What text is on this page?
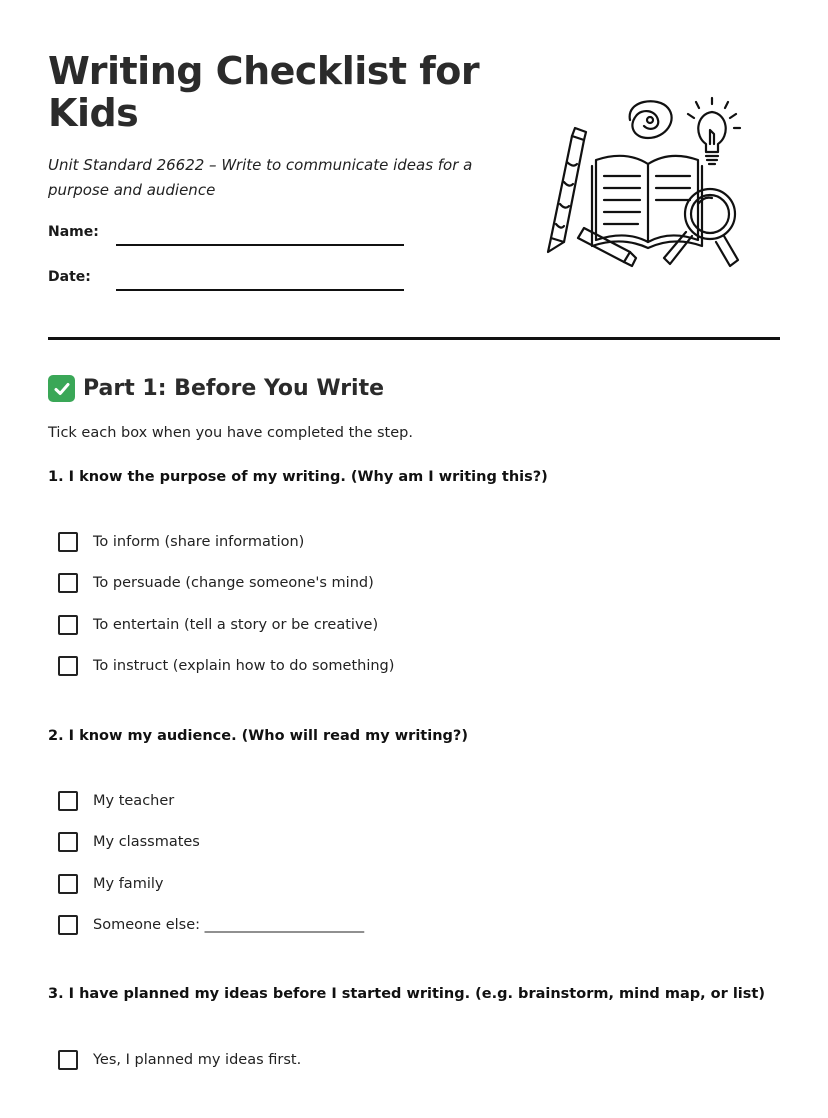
Writing Checklist for Kids
Unit Standard 26622 – Write to communicate ideas for a purpose and audience
Name:
Date:
Part 1: Before You Write
Tick each box when you have completed the step.
1. I know the purpose of my writing. (Why am I writing this?)
To inform (share information)
To persuade (change someone's mind)
To entertain (tell a story or be creative)
To instruct (explain how to do something)
2. I know my audience. (Who will read my writing?)
My teacher
My classmates
My family
Someone else: ______________________
3. I have planned my ideas before I started writing. (e.g. brainstorm, mind map, or list)
Yes, I planned my ideas first.
